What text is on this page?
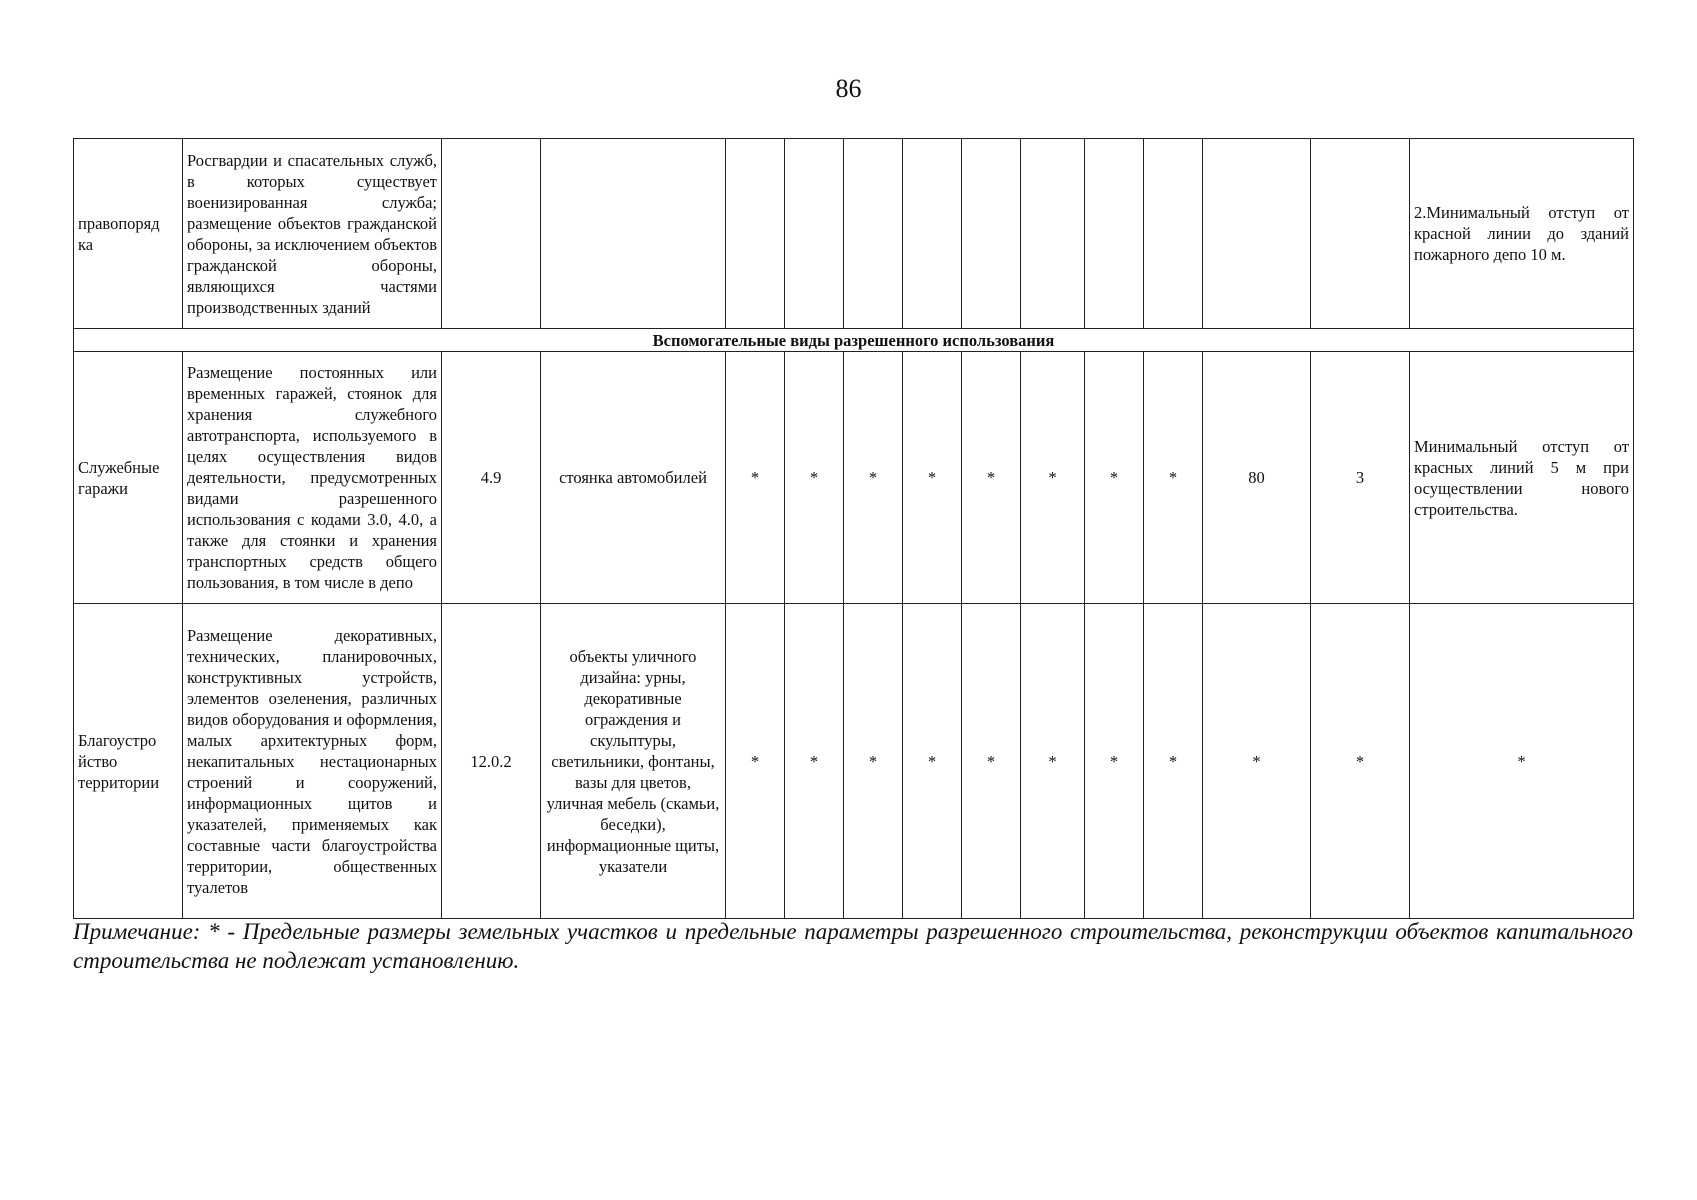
86
правопоряд ка	Росгвардии и спасательных служб, в которых существует военизированная служба; размещение объектов гражданской обороны, за исключением объектов гражданской обороны, являющихся частями производственных зданий													2.Минимальный отступ от красной линии до зданий пожарного депо 10 м.
Вспомогательные виды разрешенного использования														
Служебные гаражи	Размещение постоянных или временных гаражей, стоянок для хранения служебного автотранспорта, используемого в целях осуществления видов деятельности, предусмотренных видами разрешенного использования с кодами 3.0, 4.0, а также для стоянки и хранения транспортных средств общего пользования, в том числе в депо	4.9	стоянка автомобилей	*	*	*	*	*	*	*	*	80	3	Минимальный отступ от красных линий 5 м при осуществлении нового строительства.
Благоустро йство территории	Размещение декоративных, технических, планировочных, конструктивных устройств, элементов озеленения, различных видов оборудования и оформления, малых архитектурных форм, некапитальных нестационарных строений и сооружений, информационных щитов и указателей, применяемых как составные части благоустройства территории, общественных туалетов	12.0.2	объекты уличного дизайна: урны, декоративные ограждения и скульптуры, светильники, фонтаны, вазы для цветов, уличная мебель (скамьи, беседки), информационные щиты, указатели	*	*	*	*	*	*	*	*	*	*	*
Примечание: * - Предельные размеры земельных участков и предельные параметры разрешенного строительства, реконструкции объектов капитального строительства не подлежат установлению.
